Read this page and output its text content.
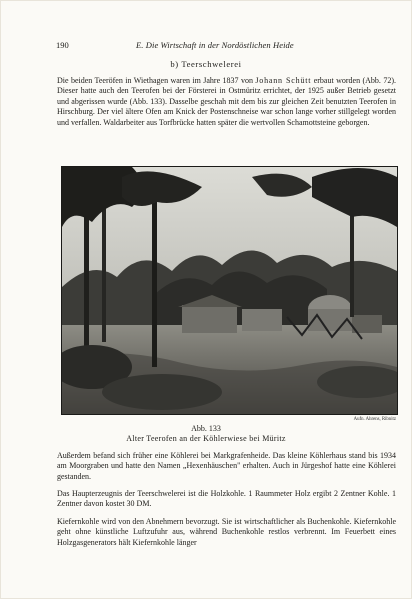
190	E. Die Wirtschaft in der Nordöstlichen Heide
b) Teerschwelerei
Die beiden Teeröfen in Wiethagen waren im Jahre 1837 von Johann Schütt erbaut worden (Abb. 72). Dieser hatte auch den Teerofen bei der Försterei in Ostmüritz errichtet, der 1925 außer Betrieb gesetzt und abgerissen wurde (Abb. 133). Dasselbe geschah mit dem bis zur gleichen Zeit benutzten Teerofen in Hirschburg. Der viel ältere Ofen am Knick der Postenschneise war schon lange vorher stillgelegt worden und verfallen. Waldarbeiter aus Torfbrücke hatten später die wertvollen Schamottsteine geborgen.
Aufn. Ahrens, Ribnitz
Abb. 133
Alter Teerofen an der Köhlerwiese bei Müritz
Außerdem befand sich früher eine Köhlerei bei Markgrafenheide. Das kleine Köhlerhaus stand bis 1934 am Moorgraben und hatte den Namen „Hexenhäuschen" erhalten. Auch in Jürgeshof hatte eine Köhlerei gestanden.
Das Haupterzeugnis der Teerschwelerei ist die Holzkohle. 1 Raummeter Holz ergibt 2 Zentner Kohle. 1 Zentner davon kostet 30 DM.
Kiefernkohle wird von den Abnehmern bevorzugt. Sie ist wirtschaftlicher als Buchenkohle. Kiefernkohle geht ohne künstliche Luftzufuhr aus, während Buchenkohle restlos verbrennt. Im Feuerbett eines Holzgasgenerators hält Kiefernkohle länger
